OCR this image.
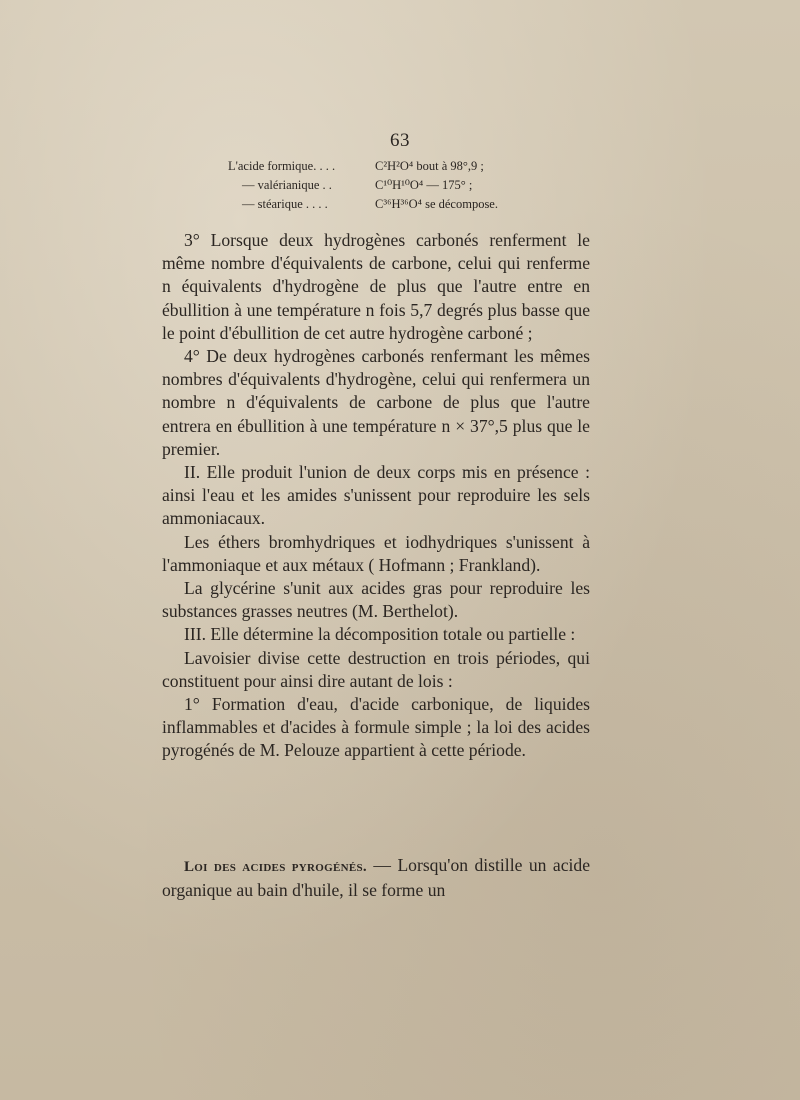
63
L'acide formique. . . .	C²H²O⁴ bout à 98°,9 ;
— valérianique . .	C¹⁰H¹⁰O⁴ — 175° ;
— stéarique . . . .	C³⁶H³⁶O⁴ se décompose.

3° Lorsque deux hydrogènes carbonés renferment le même nombre d'équivalents de carbone, celui qui renferme n équivalents d'hydrogène de plus que l'autre entre en ébullition à une température n fois 5,7 degrés plus basse que le point d'ébullition de cet autre hydrogène carboné ;

4° De deux hydrogènes carbonés renfermant les mêmes nombres d'équivalents d'hydrogène, celui qui renfermera un nombre n d'équivalents de carbone de plus que l'autre entrera en ébullition à une température n × 37°,5 plus que le premier.

II. Elle produit l'union de deux corps mis en présence : ainsi l'eau et les amides s'unissent pour reproduire les sels ammoniacaux.

Les éthers bromhydriques et iodhydriques s'unissent à l'ammoniaque et aux métaux ( Hofmann ; Frankland).

La glycérine s'unit aux acides gras pour reproduire les substances grasses neutres (M. Berthelot).

III. Elle détermine la décomposition totale ou partielle :

Lavoisier divise cette destruction en trois périodes, qui constituent pour ainsi dire autant de lois :

1° Formation d'eau, d'acide carbonique, de liquides inflammables et d'acides à formule simple ; la loi des acides pyrogénés de M. Pelouze appartient à cette période.

Loi des acides pyrogénés. — Lorsqu'on distille un acide organique au bain d'huile, il se forme un
